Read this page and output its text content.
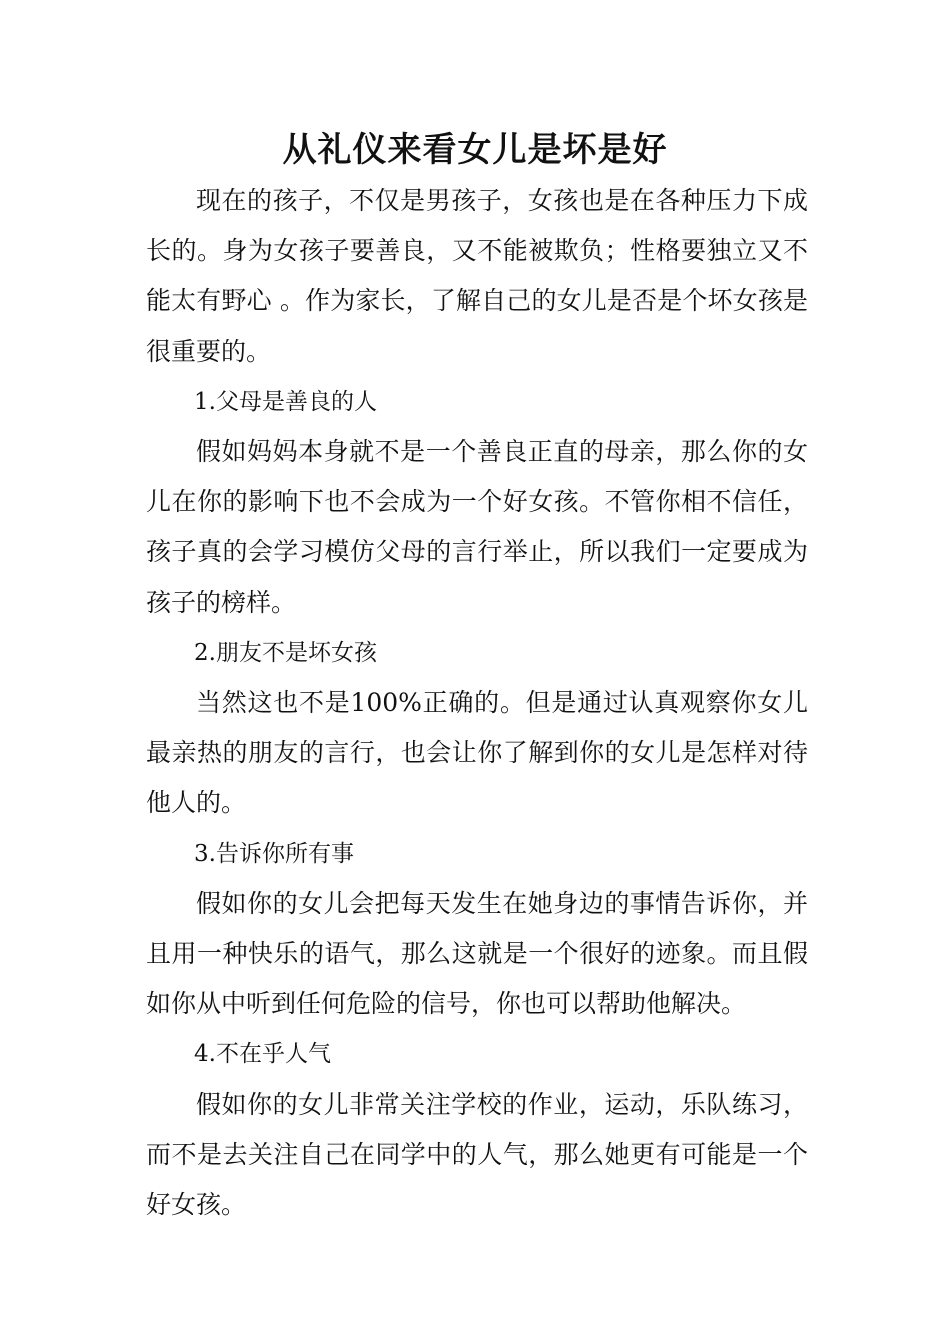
从礼仪来看女儿是坏是好

现在的孩子，不仅是男孩子，女孩也是在各种压力下成长的。身为女孩子要善良，又不能被欺负；性格要独立又不能太有野心 。作为家长，了解自己的女儿是否是个坏女孩是很重要的。

1.父母是善良的人

假如妈妈本身就不是一个善良正直的母亲，那么你的女儿在你的影响下也不会成为一个好女孩。不管你相不信任，孩子真的会学习模仿父母的言行举止，所以我们一定要成为孩子的榜样。

2.朋友不是坏女孩

当然这也不是100%正确的。但是通过认真观察你女儿最亲热的朋友的言行，也会让你了解到你的女儿是怎样对待他人的。

3.告诉你所有事

假如你的女儿会把每天发生在她身边的事情告诉你，并且用一种快乐的语气，那么这就是一个很好的迹象。而且假如你从中听到任何危险的信号，你也可以帮助他解决。

4.不在乎人气

假如你的女儿非常关注学校的作业，运动，乐队练习，而不是去关注自己在同学中的人气，那么她更有可能是一个好女孩。
